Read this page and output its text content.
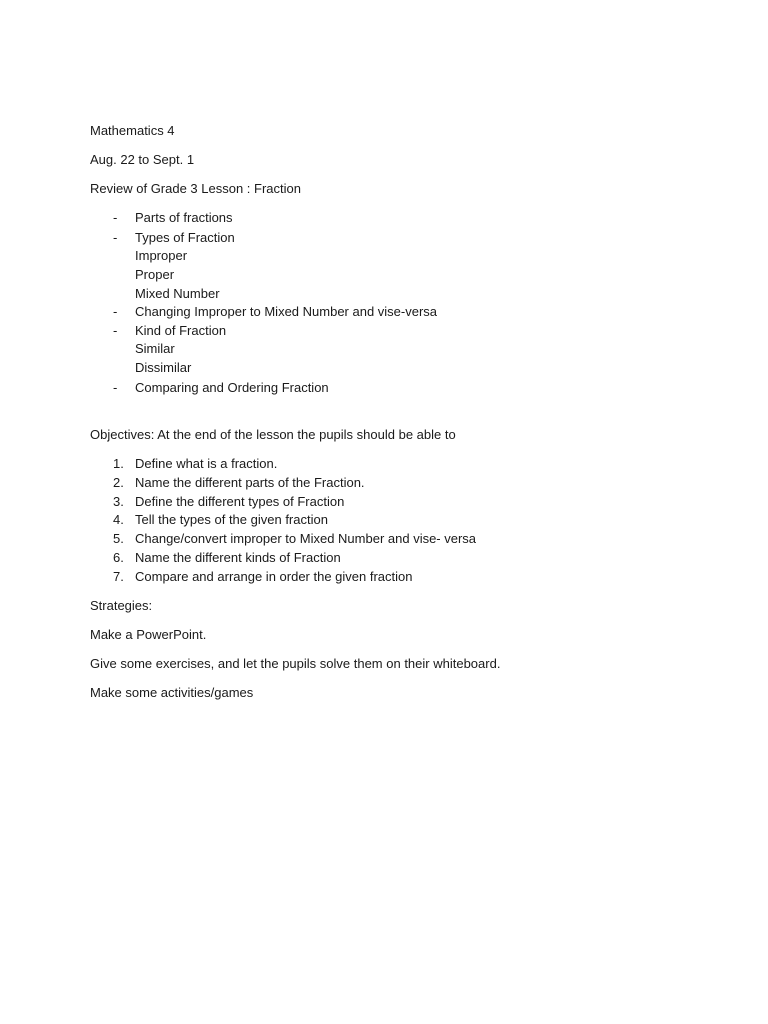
Mathematics 4
Aug. 22 to Sept. 1
Review of Grade 3 Lesson : Fraction
- Parts of fractions
- Types of Fraction
Improper
Proper
Mixed Number
- Changing Improper to Mixed Number and vise-versa
- Kind of Fraction
Similar
Dissimilar
- Comparing and Ordering Fraction
Objectives: At the end of the lesson the pupils should be able to
1. Define what is a fraction.
2. Name the different parts of the Fraction.
3. Define the different types of Fraction
4. Tell the types of the given fraction
5. Change/convert improper to Mixed Number and vise- versa
6. Name the different kinds of Fraction
7. Compare and arrange in order the given fraction
Strategies:
Make a PowerPoint.
Give some exercises, and let the pupils solve them on their whiteboard.
Make some activities/games
